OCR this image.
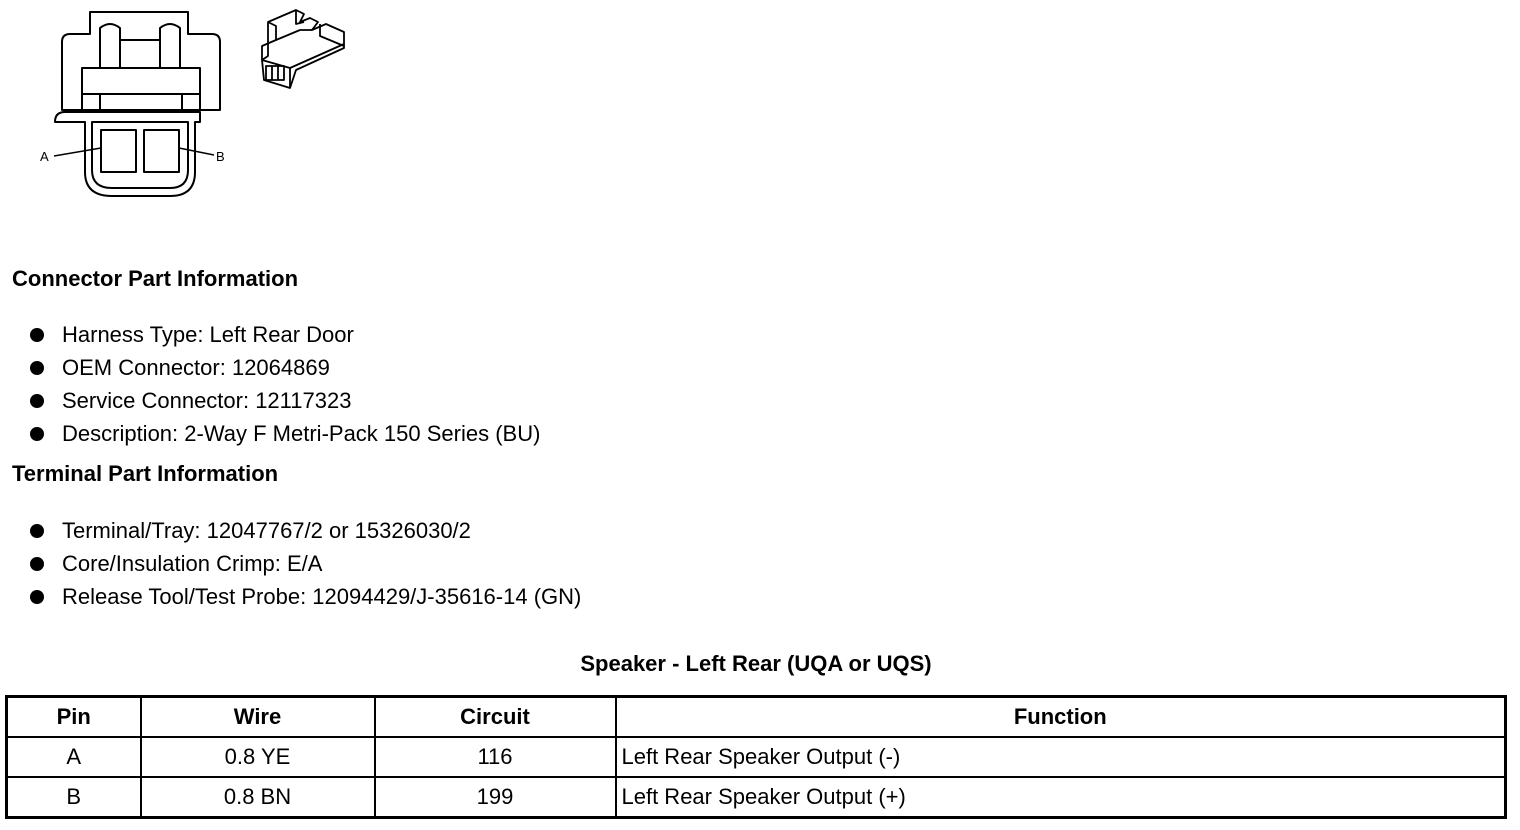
A	B
Connector Part Information
Harness Type: Left Rear Door
OEM Connector: 12064869
Service Connector: 12117323
Description: 2-Way F Metri-Pack 150 Series (BU)
Terminal Part Information
Terminal/Tray: 12047767/2 or 15326030/2
Core/Insulation Crimp: E/A
Release Tool/Test Probe: 12094429/J-35616-14 (GN)
Speaker - Left Rear (UQA or UQS)
Pin	Wire	Circuit	Function
A	0.8 YE	116	Left Rear Speaker Output (-)
B	0.8 BN	199	Left Rear Speaker Output (+)
